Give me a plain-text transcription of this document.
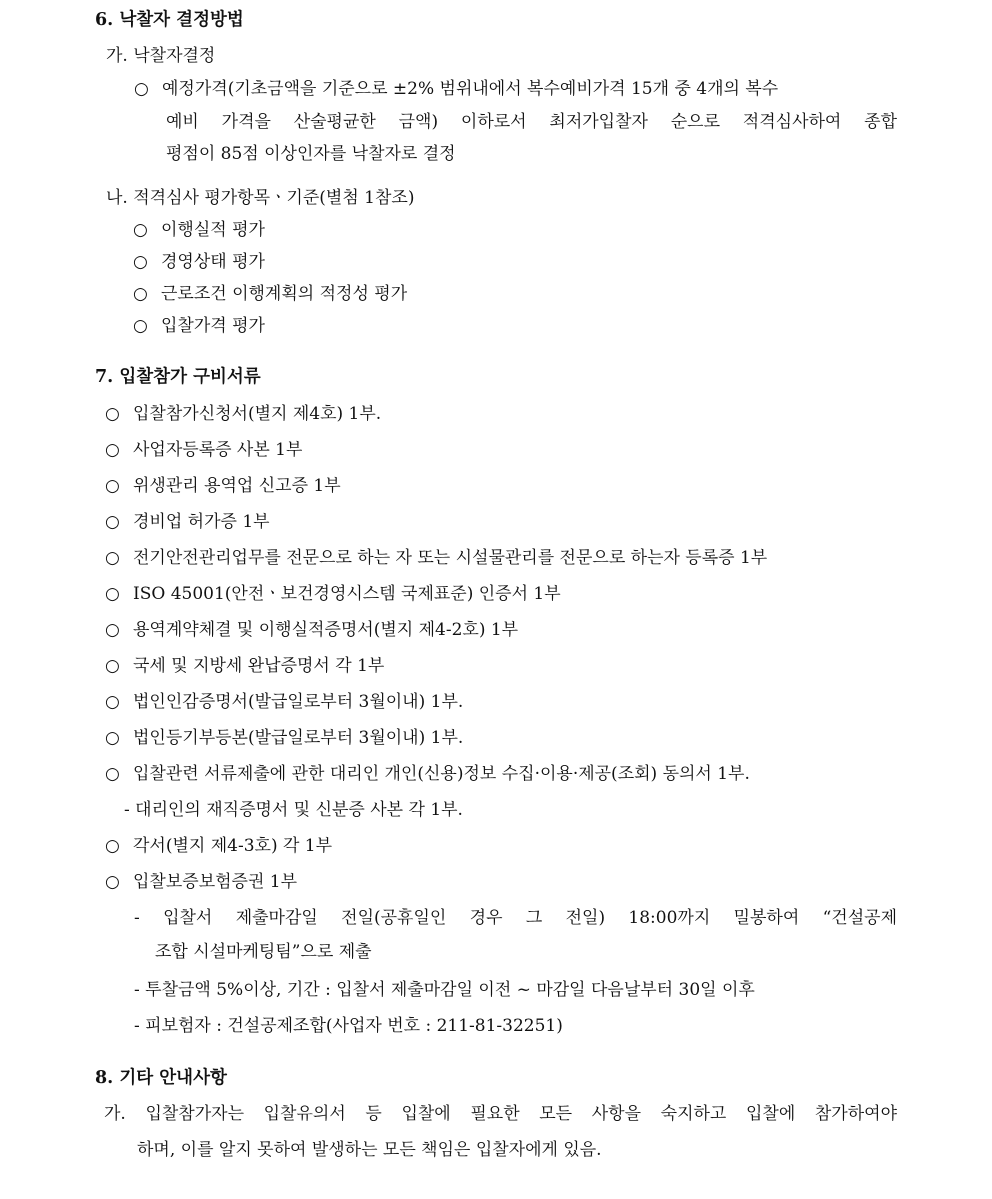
6. 낙찰자 결정방법
가. 낙찰자결정
○ 예정가격(기초금액을 기준으로 ±2% 범위내에서 복수예비가격 15개 중 4개의 복수
예비 가격을 산술평균한 금액) 이하로서 최저가입찰자 순으로 적격심사하여 종합
평점이 85점 이상인자를 낙찰자로 결정
나. 적격심사 평가항목ㆍ기준(별첨 1참조)
○ 이행실적 평가
○ 경영상태 평가
○ 근로조건 이행계획의 적정성 평가
○ 입찰가격 평가
7. 입찰참가 구비서류
○ 입찰참가신청서(별지 제4호) 1부.
○ 사업자등록증 사본 1부
○ 위생관리 용역업 신고증 1부
○ 경비업 허가증 1부
○ 전기안전관리업무를 전문으로 하는 자 또는 시설물관리를 전문으로 하는자 등록증 1부
○ ISO 45001(안전ㆍ보건경영시스템 국제표준) 인증서 1부
○ 용역계약체결 및 이행실적증명서(별지 제4-2호) 1부
○ 국세 및 지방세 완납증명서 각 1부
○ 법인인감증명서(발급일로부터 3월이내) 1부.
○ 법인등기부등본(발급일로부터 3월이내) 1부.
○ 입찰관련 서류제출에 관한 대리인 개인(신용)정보 수집·이용·제공(조회) 동의서 1부.
- 대리인의 재직증명서 및 신분증 사본 각 1부.
○ 각서(별지 제4-3호) 각 1부
○ 입찰보증보험증권 1부
- 입찰서 제출마감일 전일(공휴일인 경우 그 전일) 18:00까지 밀봉하여 “건설공제
조합 시설마케팅팀”으로 제출
- 투찰금액 5%이상, 기간 : 입찰서 제출마감일 이전 ~ 마감일 다음날부터 30일 이후
- 피보험자 : 건설공제조합(사업자 번호 : 211-81-32251)
8. 기타 안내사항
가. 입찰참가자는 입찰유의서 등 입찰에 필요한 모든 사항을 숙지하고 입찰에 참가하여야
하며, 이를 알지 못하여 발생하는 모든 책임은 입찰자에게 있음.
